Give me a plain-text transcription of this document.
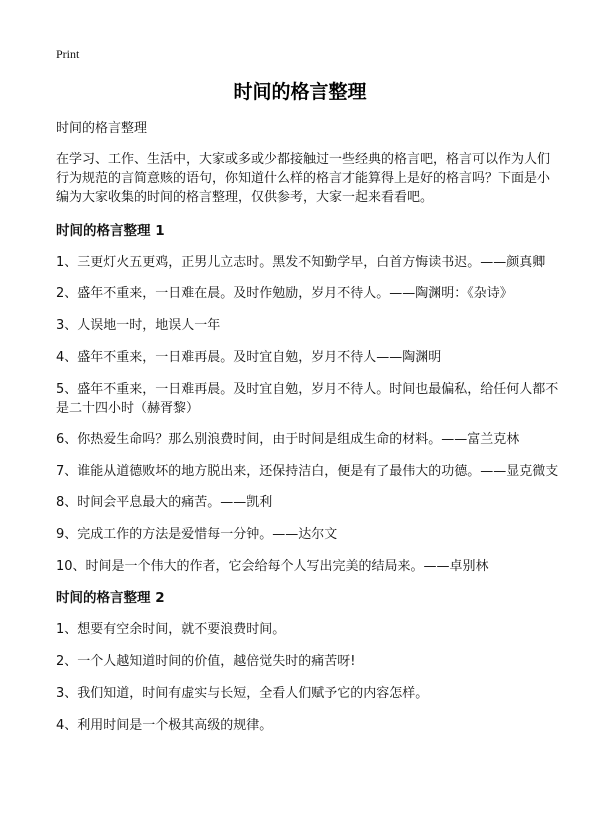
Print
时间的格言整理

时间的格言整理

在学习、工作、生活中，大家或多或少都接触过一些经典的格言吧，格言可以作为人们行为规范的言简意赅的语句，你知道什么样的格言才能算得上是好的格言吗？下面是小编为大家收集的时间的格言整理，仅供参考，大家一起来看看吧。

时间的格言整理 1

1、三更灯火五更鸡，正男儿立志时。黑发不知勤学早，白首方悔读书迟。——颜真卿

2、盛年不重来，一日难在晨。及时作勉励，岁月不待人。——陶渊明：《杂诗》

3、人误地一时，地误人一年

4、盛年不重来，一日难再晨。及时宜自勉，岁月不待人——陶渊明

5、盛年不重来，一日难再晨。及时宜自勉，岁月不待人。时间也最偏私，给任何人都不是二十四小时（赫胥黎）

6、你热爱生命吗？那么别浪费时间，由于时间是组成生命的材料。——富兰克林

7、谁能从道德败坏的地方脱出来，还保持洁白，便是有了最伟大的功德。——显克微支

8、时间会平息最大的痛苦。——凯利

9、完成工作的方法是爱惜每一分钟。——达尔文

10、时间是一个伟大的作者，它会给每个人写出完美的结局来。——卓别林

时间的格言整理 2

1、想要有空余时间，就不要浪费时间。

2、一个人越知道时间的价值，越倍觉失时的痛苦呀!

3、我们知道，时间有虚实与长短，全看人们赋予它的内容怎样。

4、利用时间是一个极其高级的规律。
